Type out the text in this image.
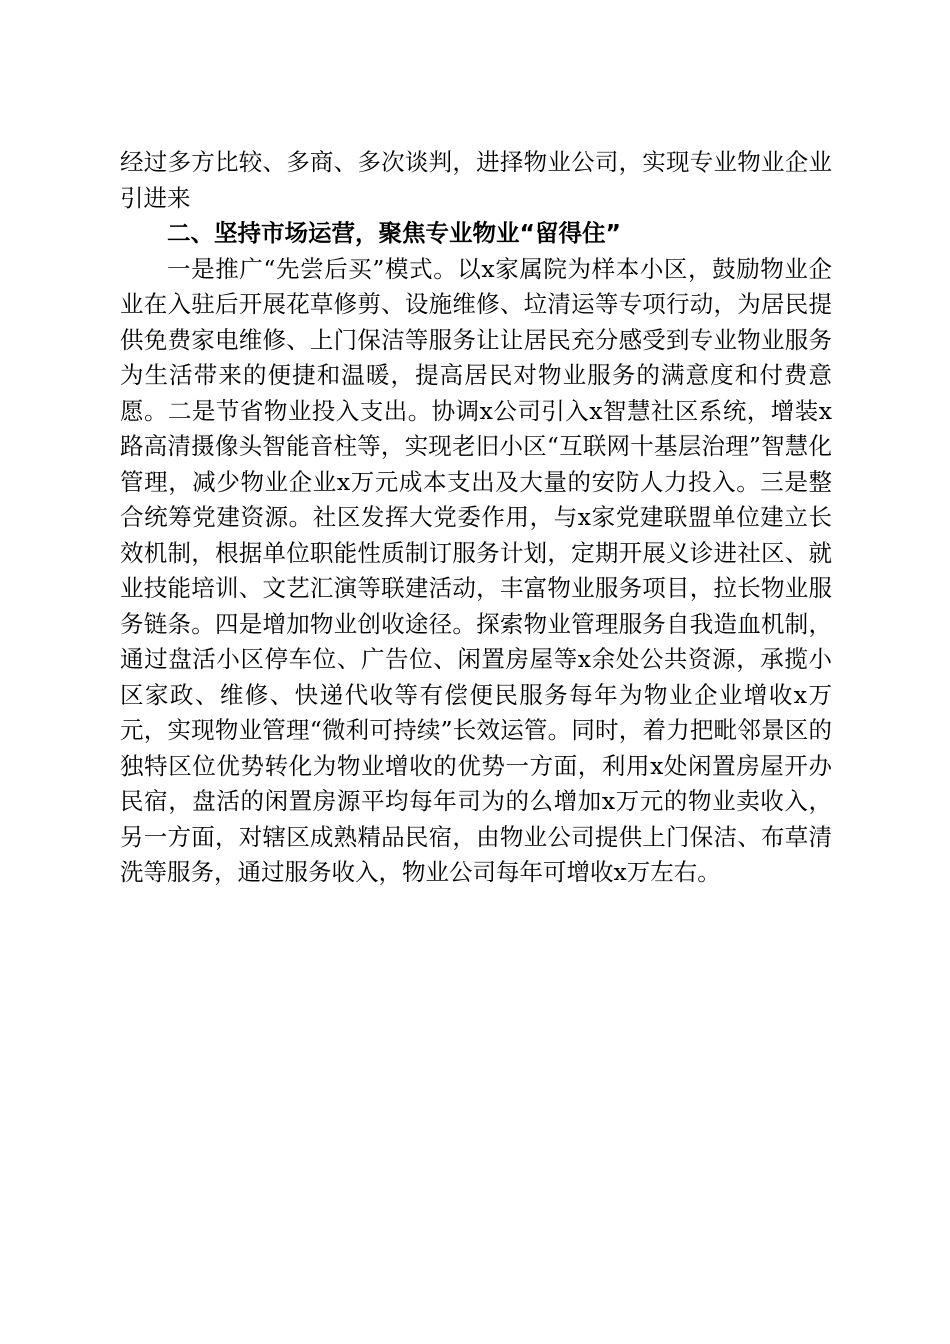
经过多方比较、多商、多次谈判，进择物业公司，实现专业物业企业引进来

二、坚持市场运营，聚焦专业物业“留得住”

一是推广“先尝后买”模式。以x家属院为样本小区，鼓励物业企业在入驻后开展花草修剪、设施维修、垃清运等专项行动，为居民提供免费家电维修、上门保洁等服务让让居民充分感受到专业物业服务为生活带来的便捷和温暖，提高居民对物业服务的满意度和付费意愿。二是节省物业投入支出。协调x公司引入x智慧社区系统，增装x路高清摄像头智能音柱等，实现老旧小区“互联网十基层治理”智慧化管理，减少物业企业x万元成本支出及大量的安防人力投入。三是整合统筹党建资源。社区发挥大党委作用，与x家党建联盟单位建立长效机制，根据单位职能性质制订服务计划，定期开展义诊进社区、就业技能培训、文艺汇演等联建活动，丰富物业服务项目，拉长物业服务链条。四是增加物业创收途径。探索物业管理服务自我造血机制，通过盘活小区停车位、广告位、闲置房屋等x余处公共资源，承揽小区家政、维修、快递代收等有偿便民服务每年为物业企业增收x万元，实现物业管理“微利可持续”长效运管。同时，着力把毗邻景区的独特区位优势转化为物业增收的优势一方面，利用x处闲置房屋开办民宿，盘活的闲置房源平均每年司为的么增加x万元的物业卖收入，另一方面，对辖区成熟精品民宿，由物业公司提供上门保洁、布草清洗等服务，通过服务收入，物业公司每年可增收x万左右。
